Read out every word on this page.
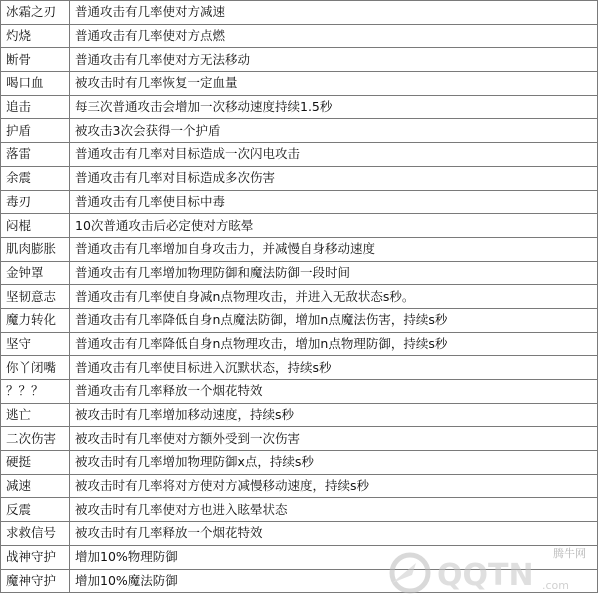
冰霜之刃	普通攻击有几率使对方减速
灼烧	普通攻击有几率使对方点燃
断骨	普通攻击有几率使对方无法移动
喝口血	被攻击时有几率恢复一定血量
追击	每三次普通攻击会增加一次移动速度持续1.5秒
护盾	被攻击3次会获得一个护盾
落雷	普通攻击有几率对目标造成一次闪电攻击
余震	普通攻击有几率对目标造成多次伤害
毒刃	普通攻击有几率使目标中毒
闷棍	10次普通攻击后必定使对方眩晕
肌肉膨胀	普通攻击有几率增加自身攻击力，并减慢自身移动速度
金钟罩	普通攻击有几率增加物理防御和魔法防御一段时间
坚韧意志	普通攻击有几率使自身减n点物理攻击，并进入无敌状态s秒。
魔力转化	普通攻击有几率降低自身n点魔法防御，增加n点魔法伤害，持续s秒
坚守	普通攻击有几率降低自身n点物理攻击，增加n点物理防御，持续s秒
你丫闭嘴	普通攻击有几率使目标进入沉默状态，持续s秒
？？？	普通攻击有几率释放一个烟花特效
逃亡	被攻击时有几率增加移动速度，持续s秒
二次伤害	被攻击时有几率使对方额外受到一次伤害
硬挺	被攻击时有几率增加物理防御x点，持续s秒
减速	被攻击时有几率将对方使对方减慢移动速度，持续s秒
反震	被攻击时有几率使对方也进入眩晕状态
求救信号	被攻击时有几率释放一个烟花特效
战神守护	增加10%物理防御
魔神守护	增加10%魔法防御	QQTN .com
腾牛网
